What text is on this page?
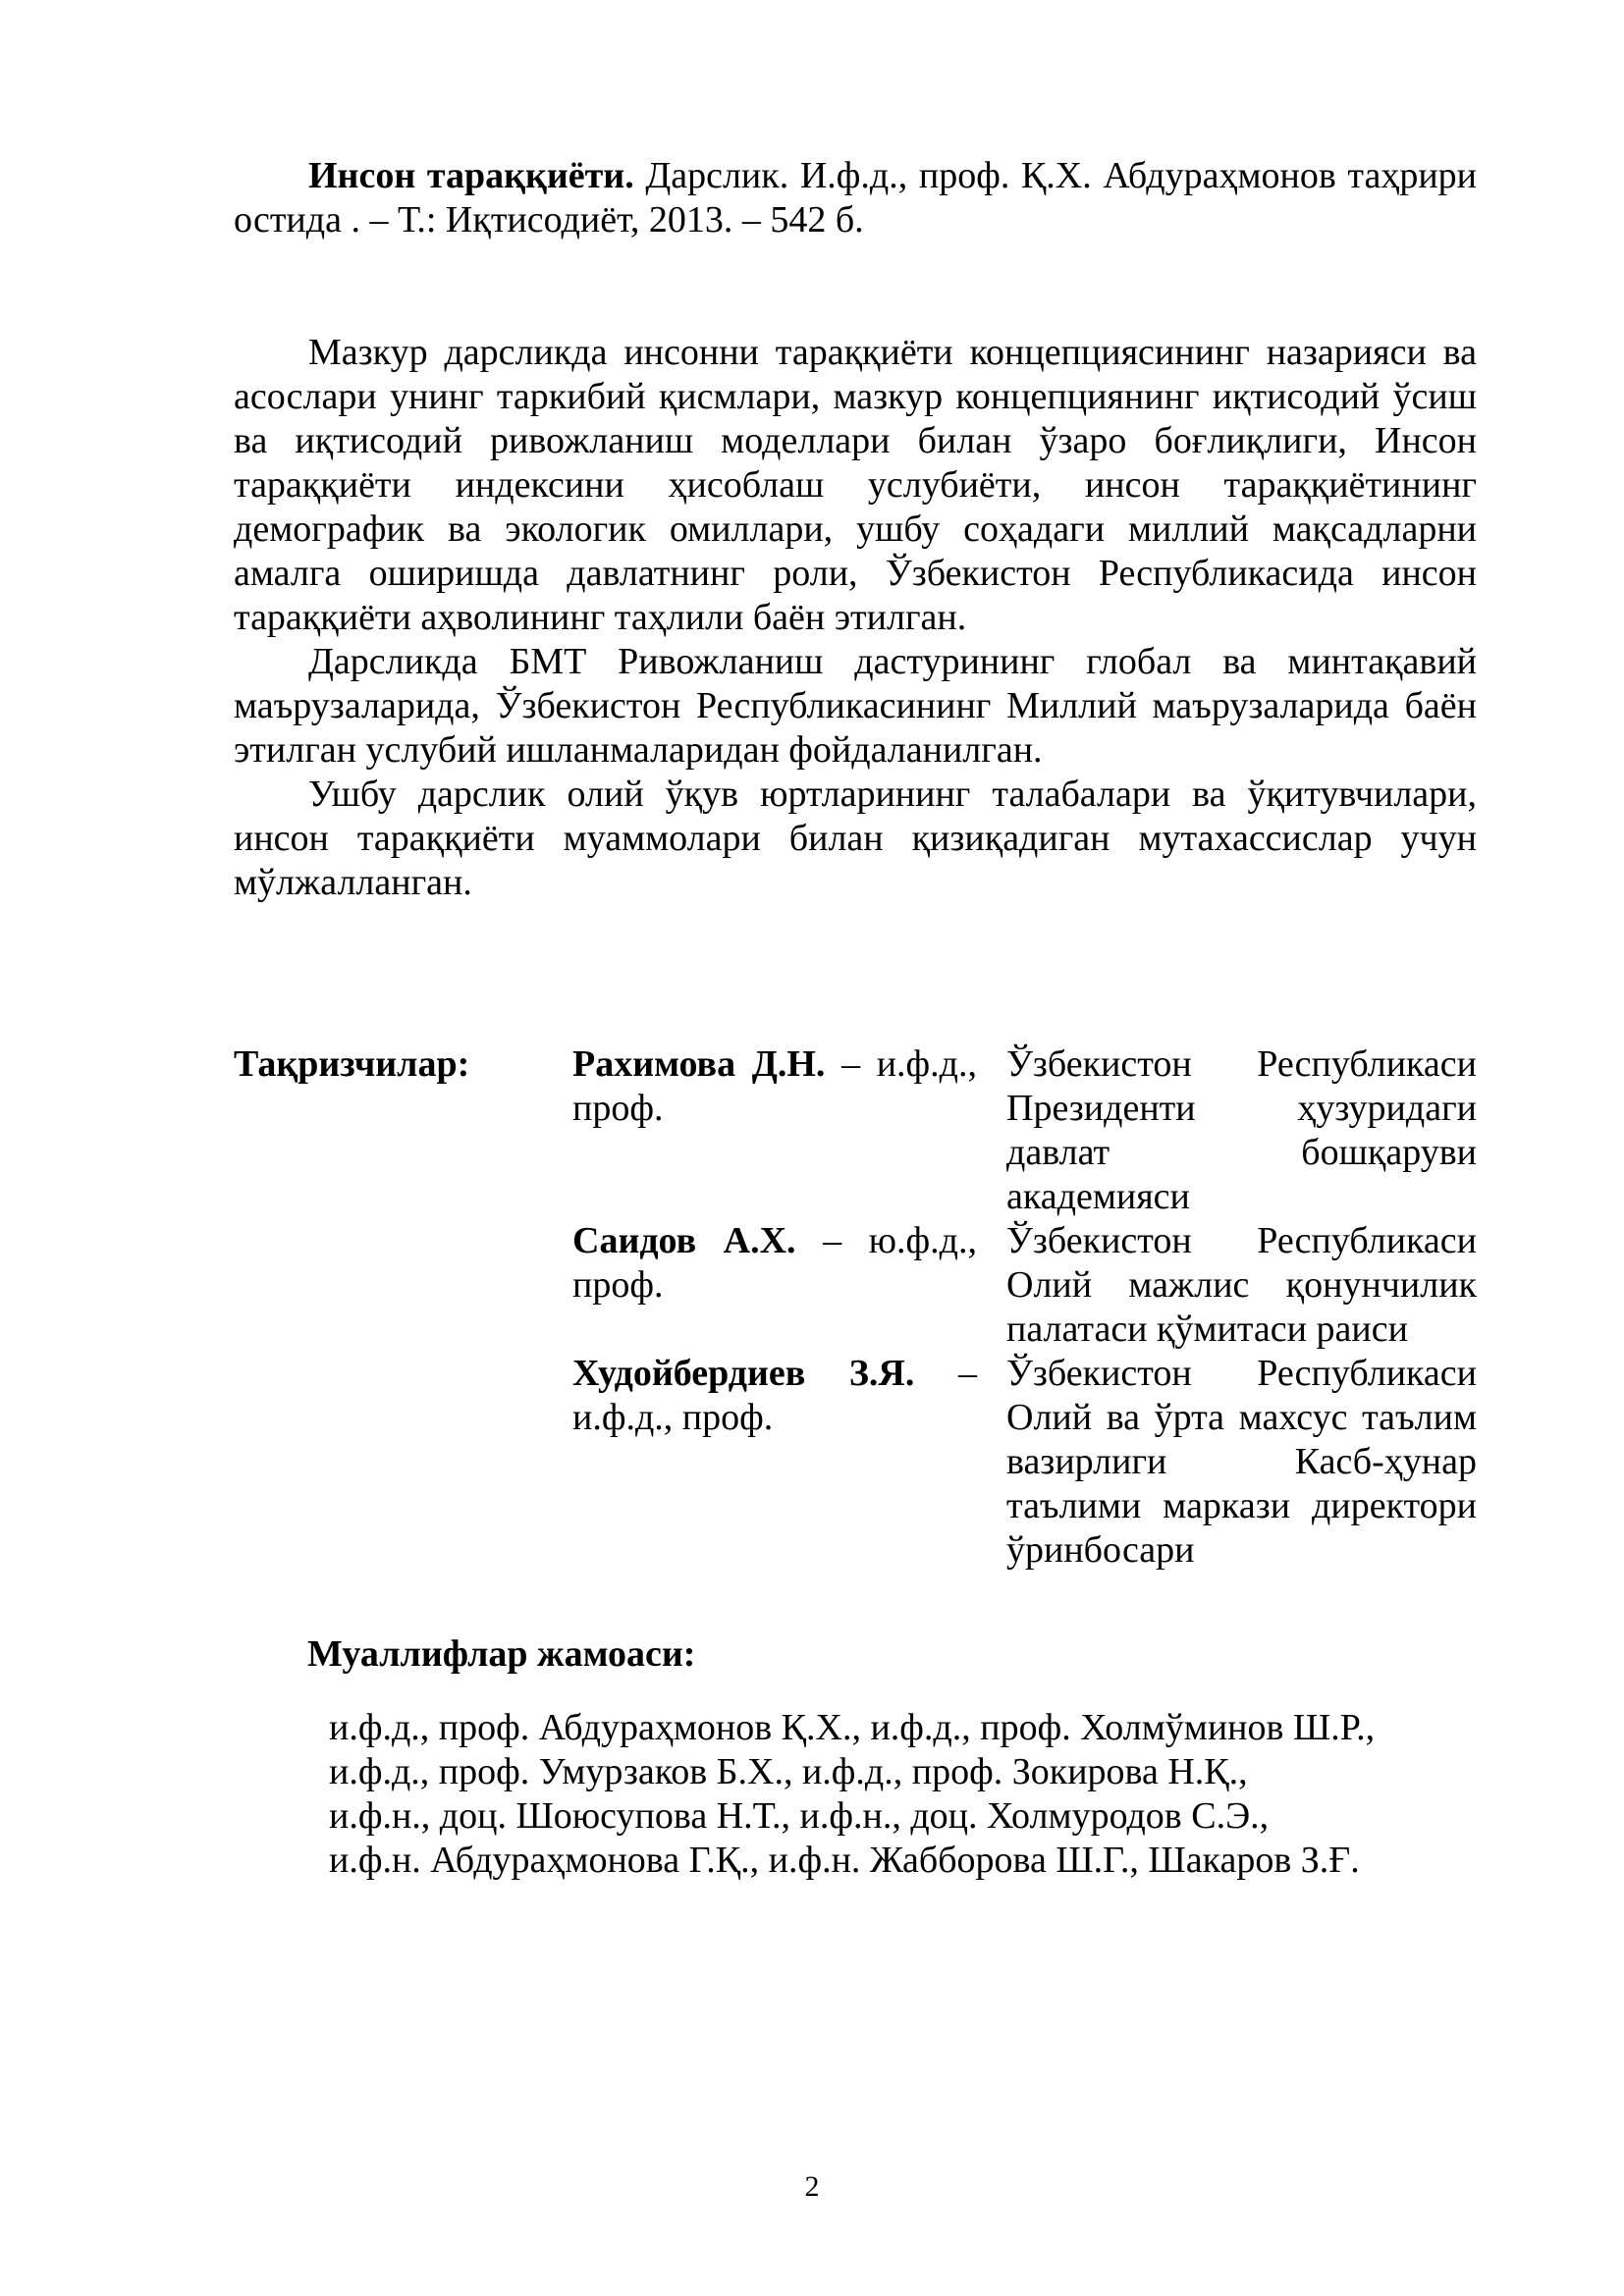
Инсон тараққиёти. Дарслик. И.ф.д., проф. Қ.Х. Абдураҳмонов таҳрири остида . – Т.: Иқтисодиёт, 2013. – 542 б.

Мазкур дарсликда инсонни тараққиёти концепциясининг назарияси ва асослари унинг таркибий қисмлари, мазкур концепциянинг иқтисодий ўсиш ва иқтисодий ривожланиш моделлари билан ўзаро боғлиқлиги, Инсон тараққиёти индексини ҳисоблаш услубиёти, инсон тараққиётининг демографик ва экологик омиллари, ушбу соҳадаги миллий мақсадларни амалга оширишда давлатнинг роли, Ўзбекистон Республикасида инсон тараққиёти аҳволининг таҳлили баён этилган.

Дарсликда БМТ Ривожланиш дастурининг глобал ва минтақавий маърузаларида, Ўзбекистон Республикасининг Миллий маърузаларида баён этилган услубий ишланмаларидан фойдаланилган.

Ушбу дарслик олий ўқув юртларининг талабалари ва ўқитувчилари, инсон тараққиёти муаммолари билан қизиқадиган мутахассислар учун мўлжалланган.

Тақризчилар:	Рахимова Д.Н. – и.ф.д., проф.

Ўзбекистон Республикаси Президенти ҳузуридаги давлат бошқаруви академияси

Саидов А.Х. – ю.ф.д., проф.

Ўзбекистон Республикаси Олий мажлис қонунчилик палатаси қўмитаси раиси

Худойбердиев З.Я. – и.ф.д., проф.

Ўзбекистон Республикаси Олий ва ўрта махсус таълим вазирлиги Касб-ҳунар таълими маркази директори ўринбосари

Муаллифлар жамоаси:

и.ф.д., проф. Абдураҳмонов Қ.Х., и.ф.д., проф. Холмўминов Ш.Р.,

и.ф.д., проф. Умурзаков Б.Х., и.ф.д., проф. Зокирова Н.Қ.,

и.ф.н., доц. Шоюсупова Н.Т., и.ф.н., доц. Холмуродов С.Э.,

и.ф.н. Абдураҳмонова Г.Қ., и.ф.н. Жабборова Ш.Г., Шакаров З.Ғ.

2
